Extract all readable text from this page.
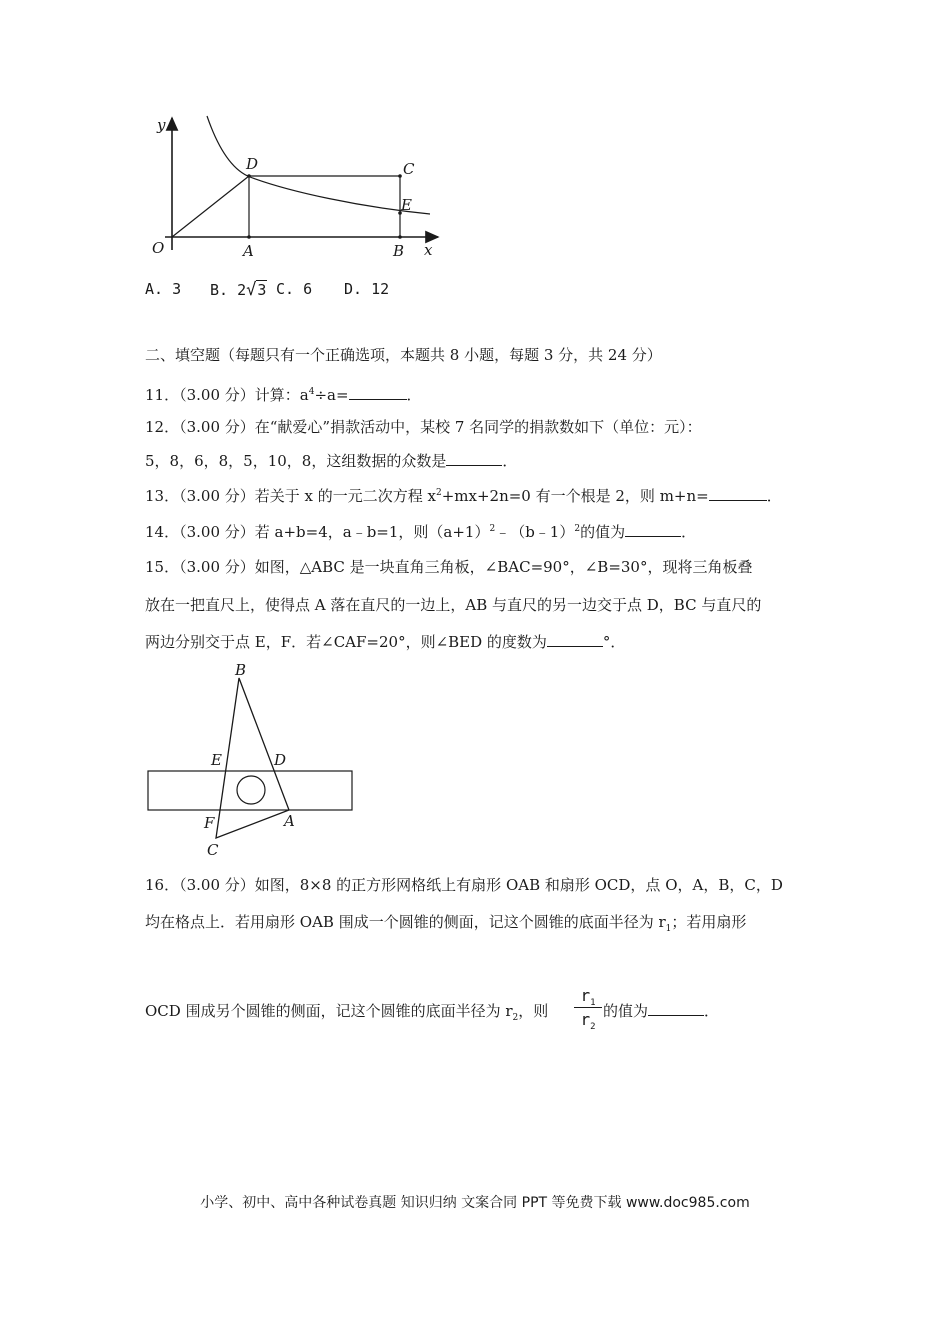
y
x
O	A	B
C
D
E
A. 3 B. 2√3 C. 6 D. 12
二、填空题（每题只有一个正确选项，本题共 8 小题，每题 3 分，共 24 分）
11．（3.00 分）计算：$a^4\div a=$	．
12．（3.00 分）在“献爱心”捐款活动中，某校 7 名同学的捐款数如下（单位：元）：
5，8，6，8，5，10，8，这组数据的众数是	．
13．（3.00 分）若关于 x 的一元二次方程 $x^2+mx+2n=0$ 有一个根是 2，则 m+n=	．
14．（3.00 分）若 a+b=4，a﹣b=1，则$(a+1)^2﹣(b﹣1)^2$的值为	．
15．（3.00 分）如图，△ABC 是一块直角三角板，∠BAC=90°，∠B=30°，现将三角板叠
放在一把直尺上，使得点 A 落在直尺的一边上，AB 与直尺的另一边交于点 D，BC 与直尺的
两边分别交于点 E，F．若∠CAF=20°，则∠BED 的度数为	°．
B
E	D
F	A
C
16．（3.00 分）如图，8×8 的正方形网格纸上有扇形 OAB 和扇形 OCD，点 O，A，B，C，D
均在格点上．若用扇形 OAB 围成一个圆锥的侧面，记这个圆锥的底面半径为 $r_1$；若用扇形
OCD 围成另个圆锥的侧面，记这个圆锥的底面半径为 $r_2$，则
$r_1$
$r_2$
的值为	．
小学、初中、高中各种试卷真题 知识归纳 文案合同 PPT 等免费下载 www.doc985.com
